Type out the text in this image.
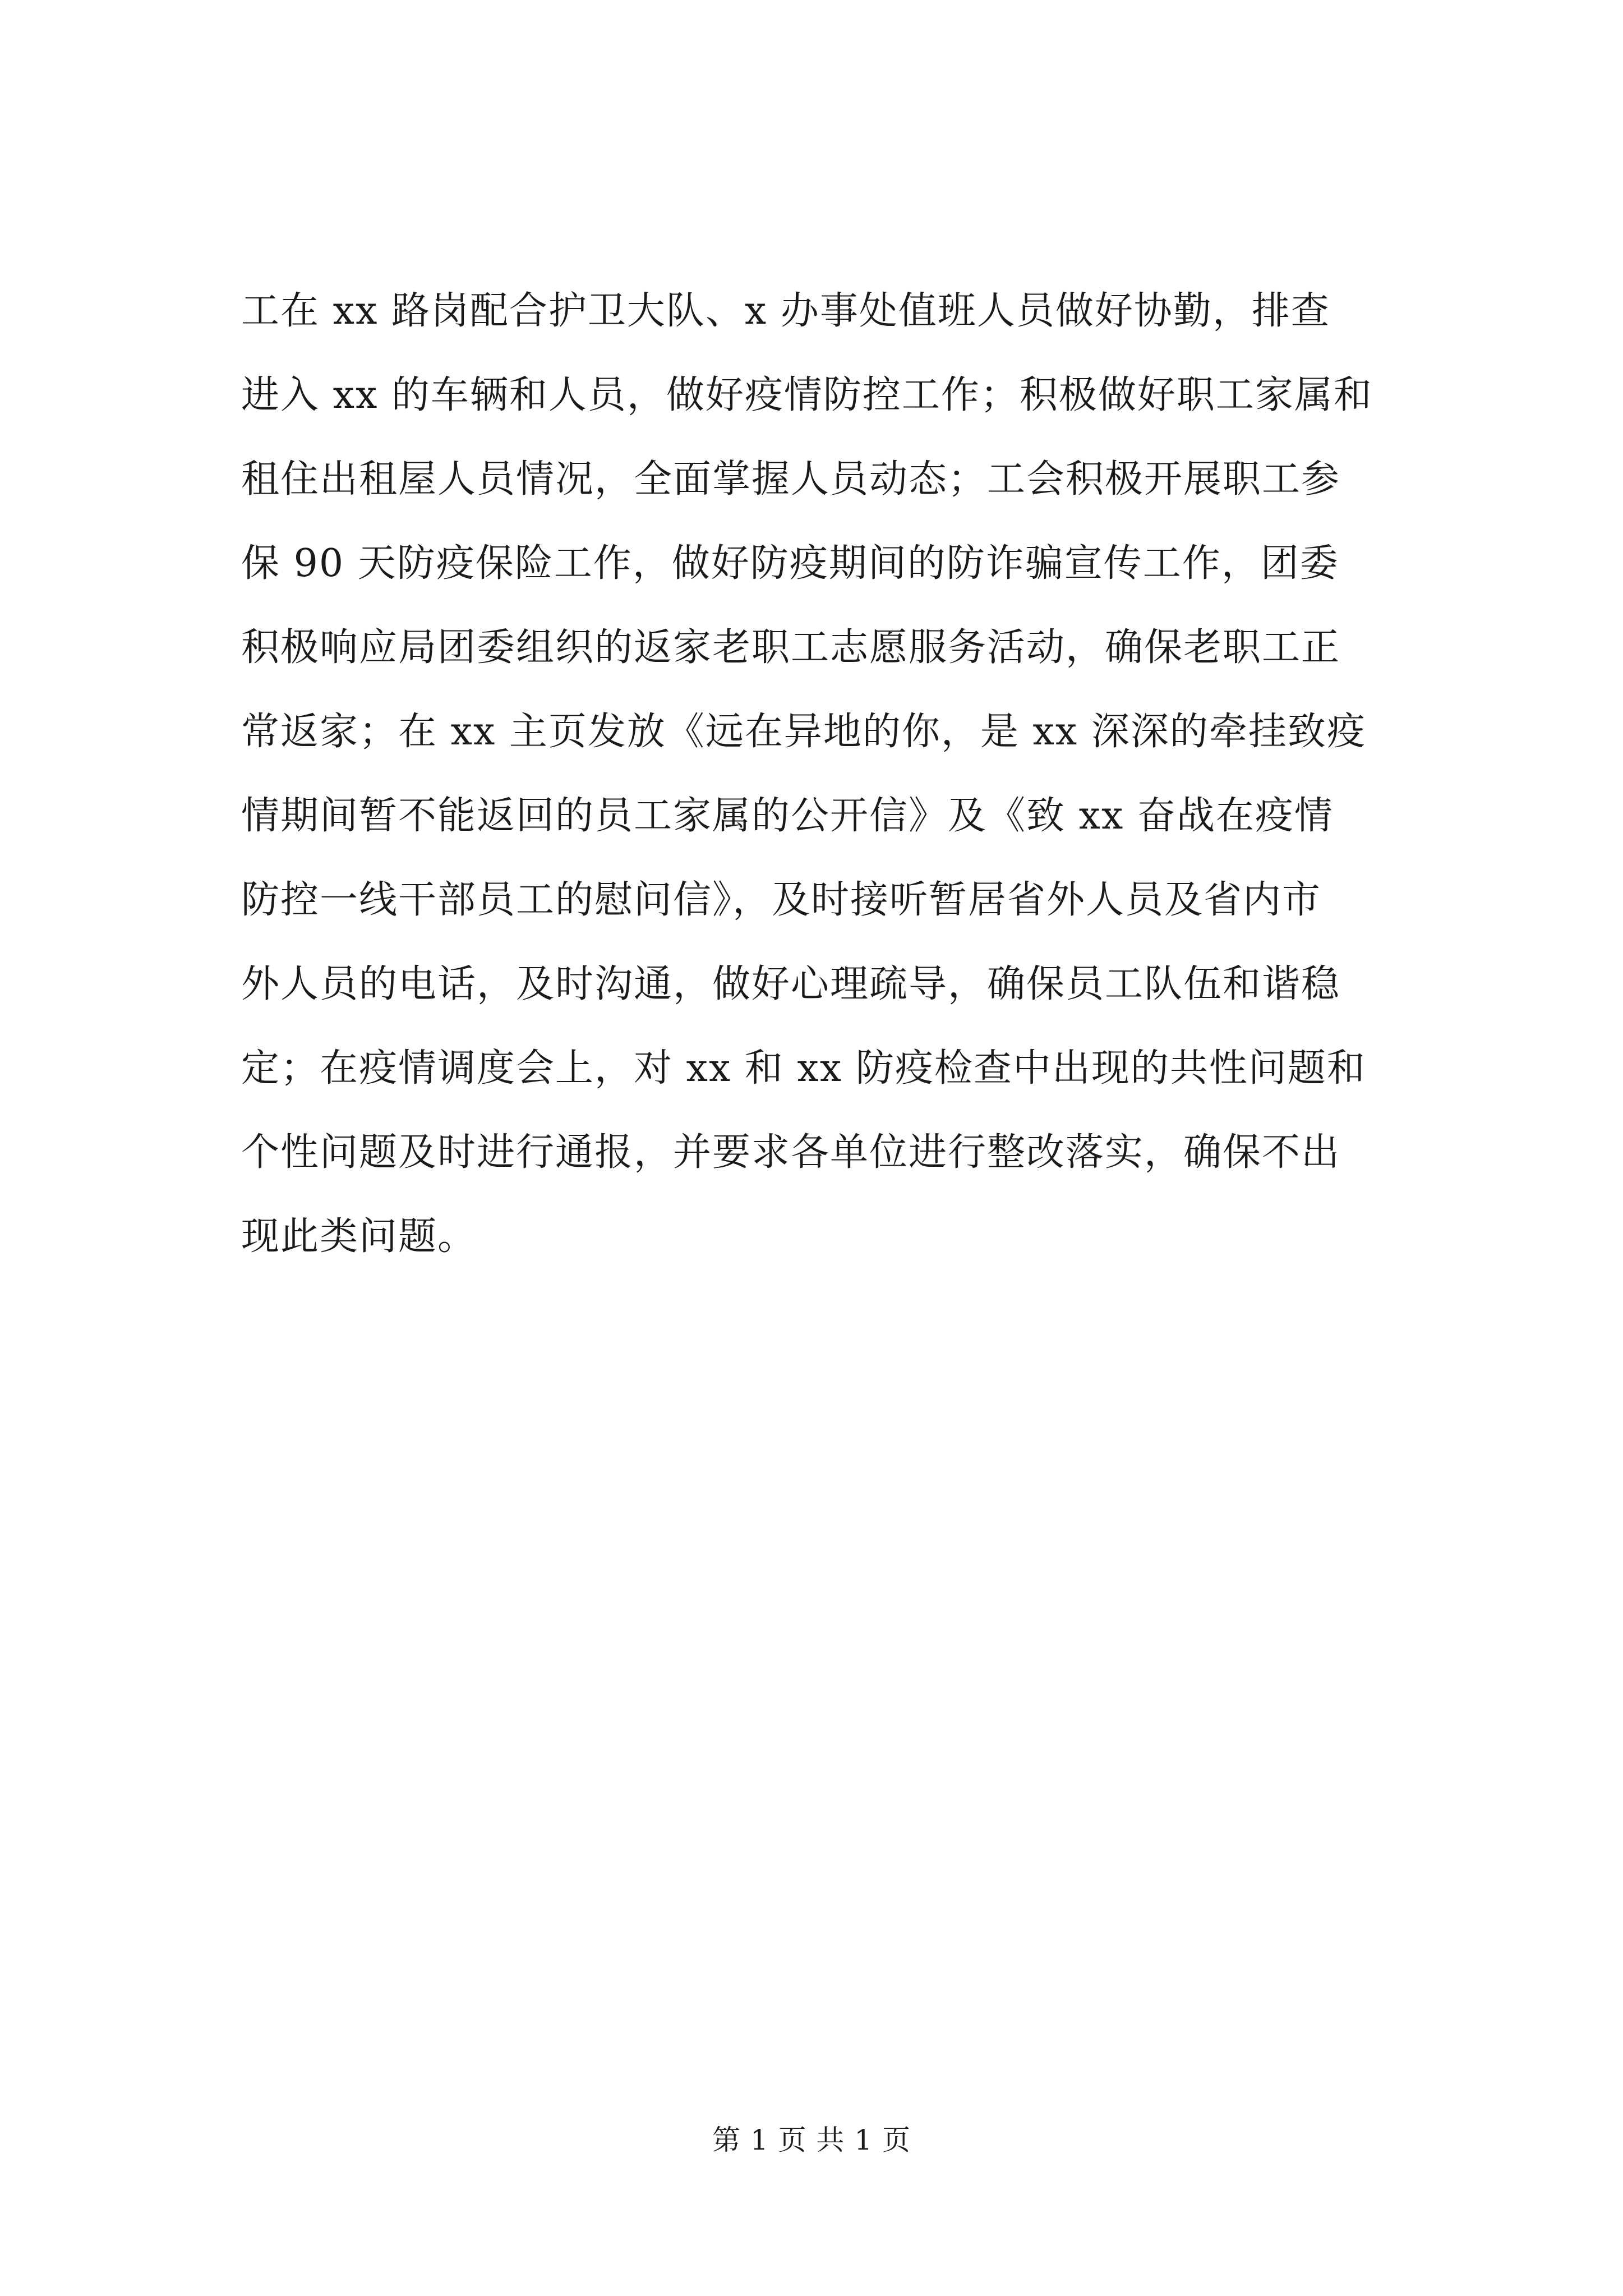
工在 xx 路岗配合护卫大队、x 办事处值班人员做好协勤，排查
进入 xx 的车辆和人员，做好疫情防控工作；积极做好职工家属和
租住出租屋人员情况，全面掌握人员动态；工会积极开展职工参
保 90 天防疫保险工作，做好防疫期间的防诈骗宣传工作，团委
积极响应局团委组织的返家老职工志愿服务活动，确保老职工正
常返家；在 xx 主页发放《远在异地的你，是 xx 深深的牵挂致疫
情期间暂不能返回的员工家属的公开信》及《致 xx 奋战在疫情
防控一线干部员工的慰问信》，及时接听暂居省外人员及省内市
外人员的电话，及时沟通，做好心理疏导，确保员工队伍和谐稳
定；在疫情调度会上，对 xx 和 xx 防疫检查中出现的共性问题和
个性问题及时进行通报，并要求各单位进行整改落实，确保不出
现此类问题。
第 1 页 共 1 页
